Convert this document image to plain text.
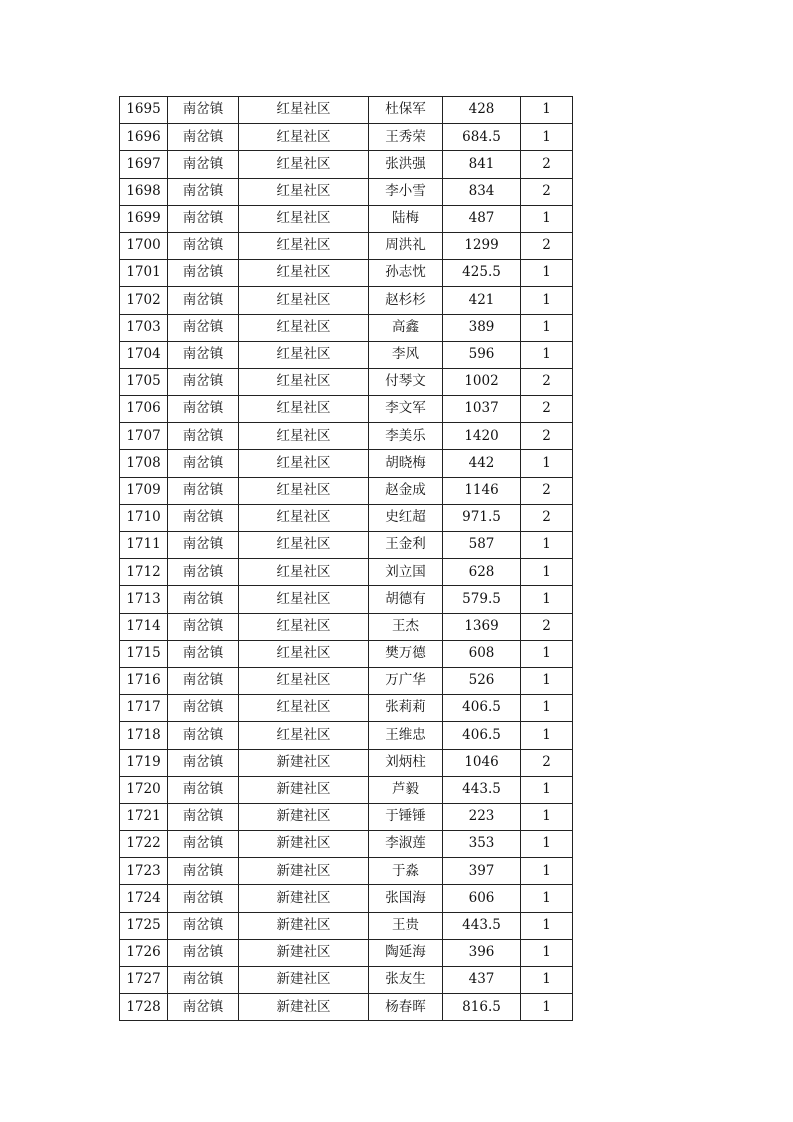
1695	南岔镇	红星社区	杜保军	428	1
1696	南岔镇	红星社区	王秀荣	684.5	1
1697	南岔镇	红星社区	张洪强	841	2
1698	南岔镇	红星社区	李小雪	834	2
1699	南岔镇	红星社区	陆梅	487	1
1700	南岔镇	红星社区	周洪礼	1299	2
1701	南岔镇	红星社区	孙志忱	425.5	1
1702	南岔镇	红星社区	赵杉杉	421	1
1703	南岔镇	红星社区	高鑫	389	1
1704	南岔镇	红星社区	李风	596	1
1705	南岔镇	红星社区	付琴文	1002	2
1706	南岔镇	红星社区	李文军	1037	2
1707	南岔镇	红星社区	李美乐	1420	2
1708	南岔镇	红星社区	胡晓梅	442	1
1709	南岔镇	红星社区	赵金成	1146	2
1710	南岔镇	红星社区	史红超	971.5	2
1711	南岔镇	红星社区	王金利	587	1
1712	南岔镇	红星社区	刘立国	628	1
1713	南岔镇	红星社区	胡德有	579.5	1
1714	南岔镇	红星社区	王杰	1369	2
1715	南岔镇	红星社区	樊万德	608	1
1716	南岔镇	红星社区	万广华	526	1
1717	南岔镇	红星社区	张莉莉	406.5	1
1718	南岔镇	红星社区	王维忠	406.5	1
1719	南岔镇	新建社区	刘炳柱	1046	2
1720	南岔镇	新建社区	芦毅	443.5	1
1721	南岔镇	新建社区	于锤锤	223	1
1722	南岔镇	新建社区	李淑莲	353	1
1723	南岔镇	新建社区	于淼	397	1
1724	南岔镇	新建社区	张国海	606	1
1725	南岔镇	新建社区	王贵	443.5	1
1726	南岔镇	新建社区	陶延海	396	1
1727	南岔镇	新建社区	张友生	437	1
1728	南岔镇	新建社区	杨春晖	816.5	1
